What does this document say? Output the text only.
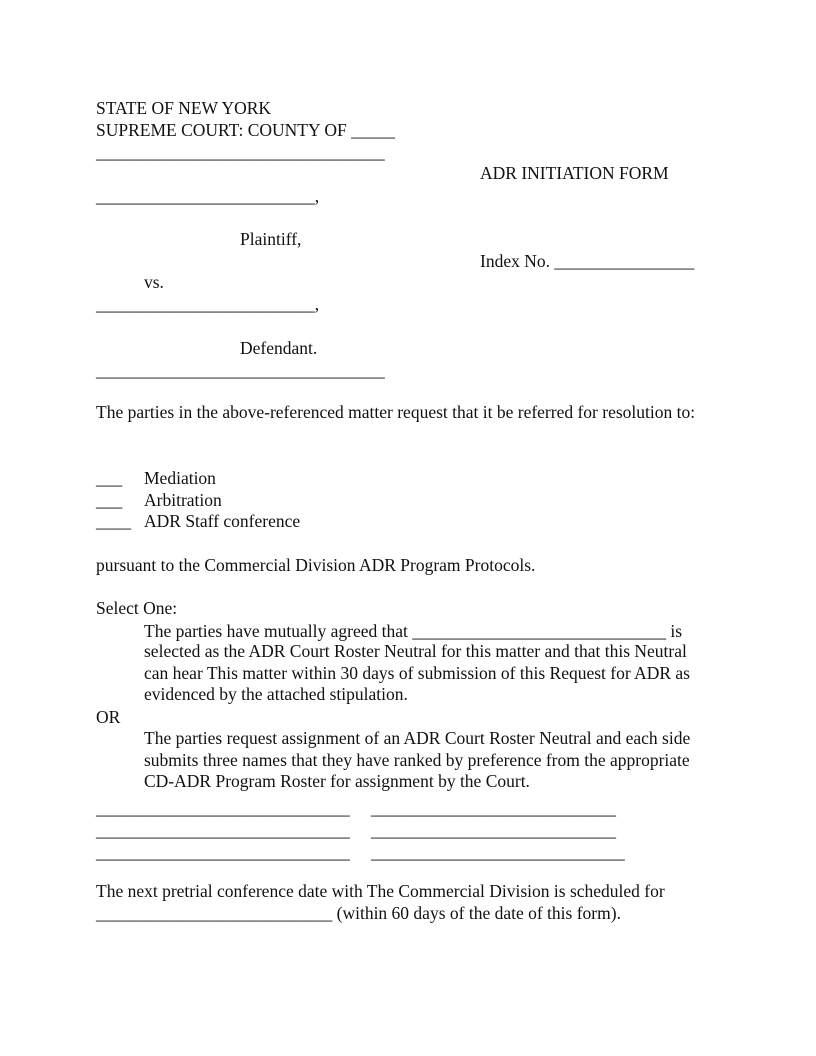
STATE OF NEW YORK
SUPREME COURT: COUNTY OF _____
_________________________________
ADR INITIATION FORM
_________________________,
Plaintiff,
Index No. ________________
vs.
_________________________,
Defendant.
_________________________________
The parties in the above-referenced matter request that it be referred for resolution to:
___ Mediation
___ Arbitration
____ ADR Staff conference
pursuant to the Commercial Division ADR Program Protocols.
Select One:
The parties have mutually agreed that _____________________________ is
selected as the ADR Court Roster Neutral for this matter and that this Neutral can hear This matter within 30 days of submission of this Request for ADR as evidenced by the attached stipulation.
OR
The parties request assignment of an ADR Court Roster Neutral and each side submits three names that they have ranked by preference from the appropriate CD-ADR Program Roster for assignment by the Court.
_____________________________ ____________________________
_____________________________ ____________________________
_____________________________ _____________________________
The next pretrial conference date with The Commercial Division is scheduled for
___________________________ (within 60 days of the date of this form).
